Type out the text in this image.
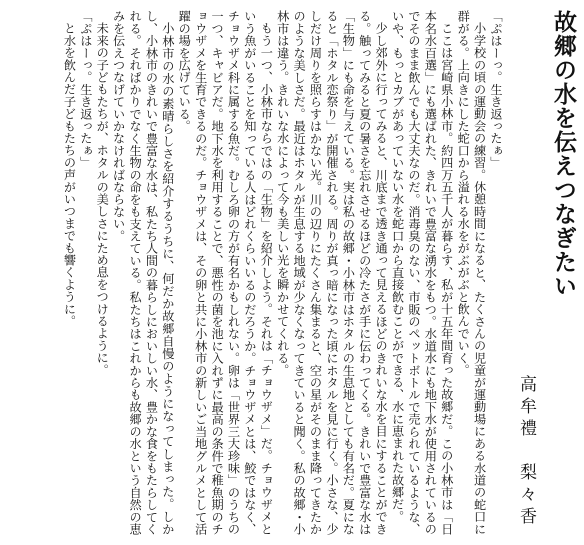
故郷の水を伝えつなぎたい
高牟禮　梨々香

「ぷはーっ。生き返ったぁ」

小学校の頃の運動会の練習。休憩時間になると、たくさんの児童が運動場にある水道の蛇口に群がる。上向きにした蛇口から溢れる水をがぶがぶと飲んでいく。

ここは宮崎県小林市。約四万五千人が暮らす、私が十五年間育った故郷だ。この小林市は「日本名水百選」にも選ばれた、きれいで豊富な湧水をもつ。水道水にも地下水が使用されているのでそのまま飲んでも大丈夫なのだ。消毒臭のない、市販のペットボトルで売られているような、いや、もっとカブがあっていない水を蛇口から直接飲むことができる、水に恵まれた故郷だ。

少し郊外に行ってみると、川底まで透き通って見えるほどのきれいな水を目にすることができる。触ってみると夏の暑さを忘れさせるほどの冷たさが手に伝わってくる。きれいで豊富な水は「生物」にも命を与えている。実は私の故郷・小林市はホタルの生息地としても有名だ。夏になると「ホタル恋祭り」が開催される。周りが真っ暗になった頃にホタルを見に行く。小さな、少しだけ周りを照らすはかない光。川の辺りにたくさん集まると、空の星がそのまま降ってきたかのような美しさだ。最近はホタルが生息する地域が少なくなってきていると聞く。私の故郷・小林市は違う。きれいな水によって今も美しい光を瞬かせてくれる。

もう一つ、小林市ならではの「生物」を紹介しよう。それは「チョウザメ」だ。チョウザメという魚がいることを知っている人はどれくらいいるのだろうか。チョウザメとは、鮫ではなく、チョウザメ科に属する魚だ。むしろ卵の方が有名かもしれない。卵は「世界三大珍味」のうちの一つ、キャビアだ。地下水を利用することで、悪性の菌を池に入れずに最高の条件で稚魚期のチョウザメを生育できるのだ。チョウザメは、その卵と共に小林市の新しいご当地グルメとして活躍の場を広げている。

小林市の水の素晴らしさを紹介するうちに、何だか故郷自慢のようになってしまった。しかし、小林市のきれいで豊富な水は、私たち人間の暮らしにおいしい水、豊かな食をもたらしてくれる。それぱかりでなく生物の命をも支えている。私たちはこれからも故郷の水という自然の恵みを伝えつなげていかなければならない。

未来の子どもたちが、ホタルの美しさにため息をつけるように。

「ぷはーっ。生き返ったぁ」

と水を飲んだ子どもたちの声がいつまでも響くように。
